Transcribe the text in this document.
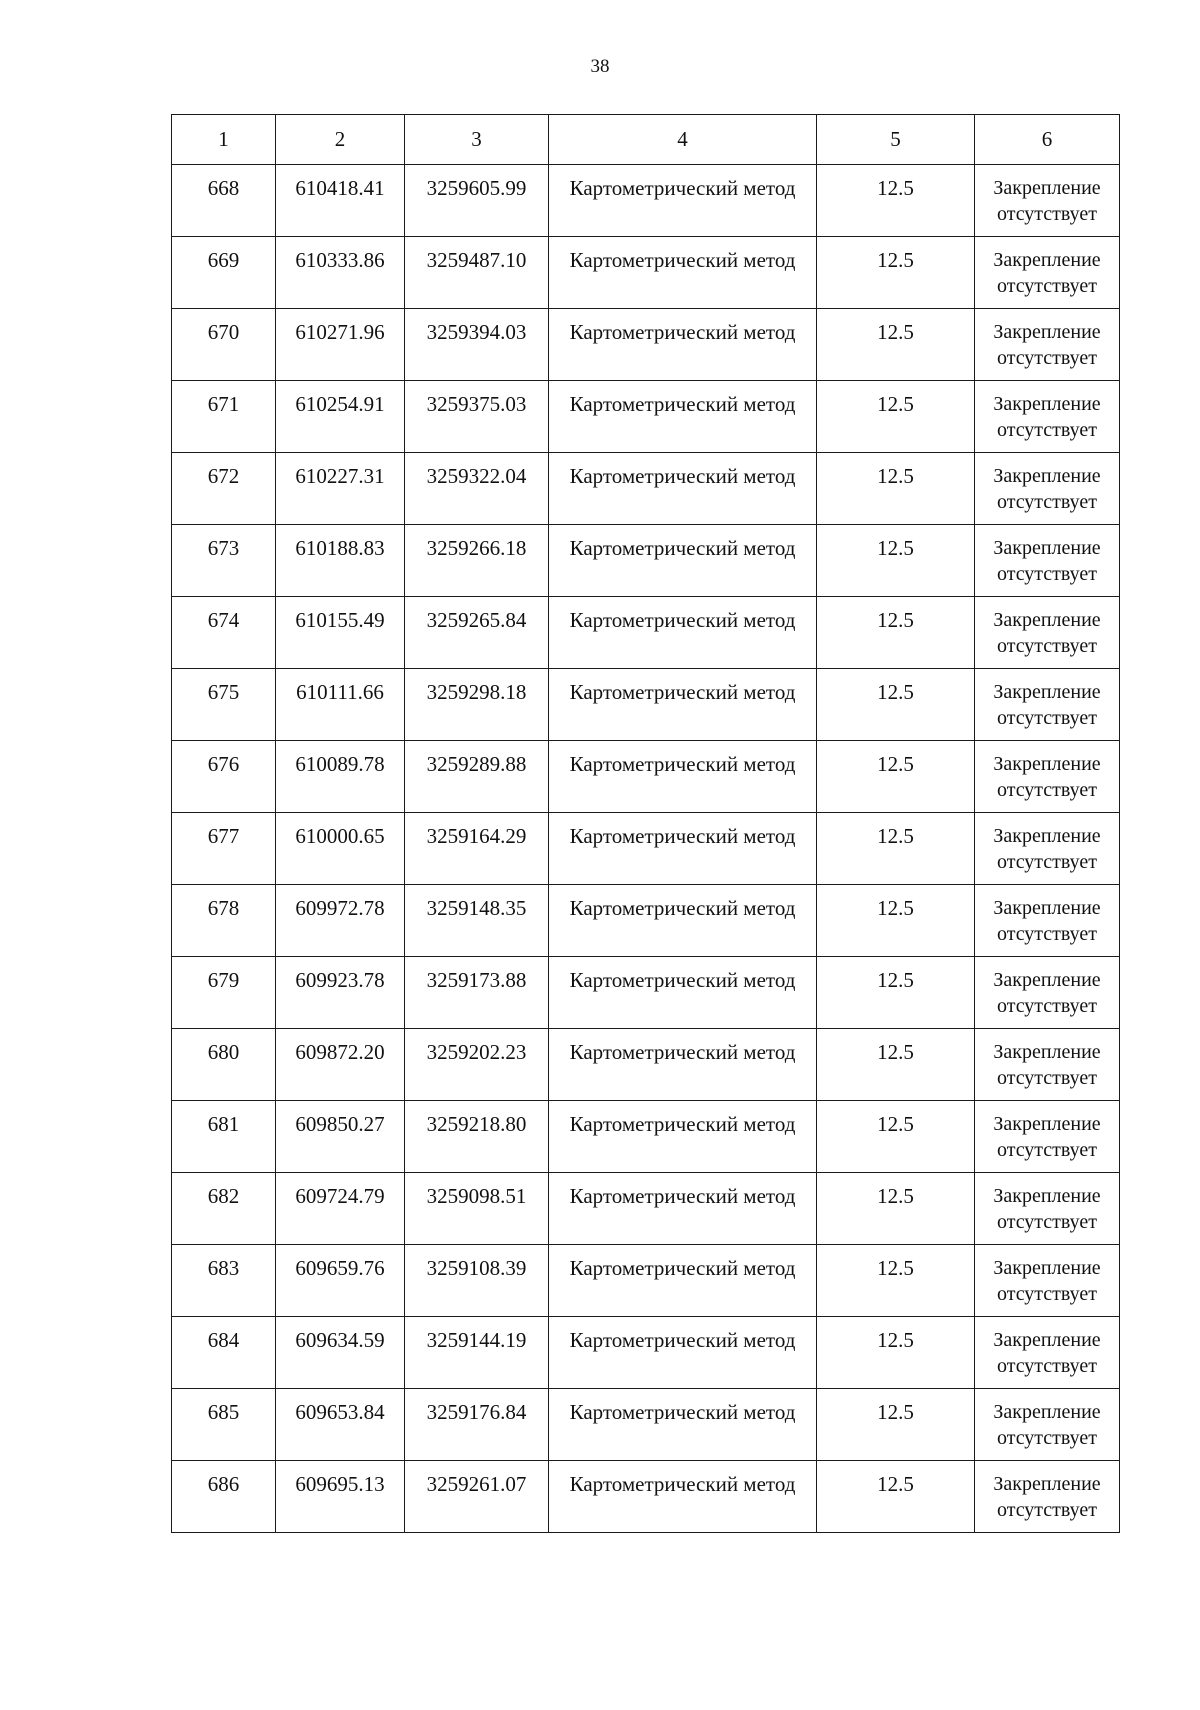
38
1	2	3	4	5	6
668	610418.41	3259605.99	Картометрический метод	12.5	Закрепление отсутствует
669	610333.86	3259487.10	Картометрический метод	12.5	Закрепление отсутствует
670	610271.96	3259394.03	Картометрический метод	12.5	Закрепление отсутствует
671	610254.91	3259375.03	Картометрический метод	12.5	Закрепление отсутствует
672	610227.31	3259322.04	Картометрический метод	12.5	Закрепление отсутствует
673	610188.83	3259266.18	Картометрический метод	12.5	Закрепление отсутствует
674	610155.49	3259265.84	Картометрический метод	12.5	Закрепление отсутствует
675	610111.66	3259298.18	Картометрический метод	12.5	Закрепление отсутствует
676	610089.78	3259289.88	Картометрический метод	12.5	Закрепление отсутствует
677	610000.65	3259164.29	Картометрический метод	12.5	Закрепление отсутствует
678	609972.78	3259148.35	Картометрический метод	12.5	Закрепление отсутствует
679	609923.78	3259173.88	Картометрический метод	12.5	Закрепление отсутствует
680	609872.20	3259202.23	Картометрический метод	12.5	Закрепление отсутствует
681	609850.27	3259218.80	Картометрический метод	12.5	Закрепление отсутствует
682	609724.79	3259098.51	Картометрический метод	12.5	Закрепление отсутствует
683	609659.76	3259108.39	Картометрический метод	12.5	Закрепление отсутствует
684	609634.59	3259144.19	Картометрический метод	12.5	Закрепление отсутствует
685	609653.84	3259176.84	Картометрический метод	12.5	Закрепление отсутствует
686	609695.13	3259261.07	Картометрический метод	12.5	Закрепление отсутствует
